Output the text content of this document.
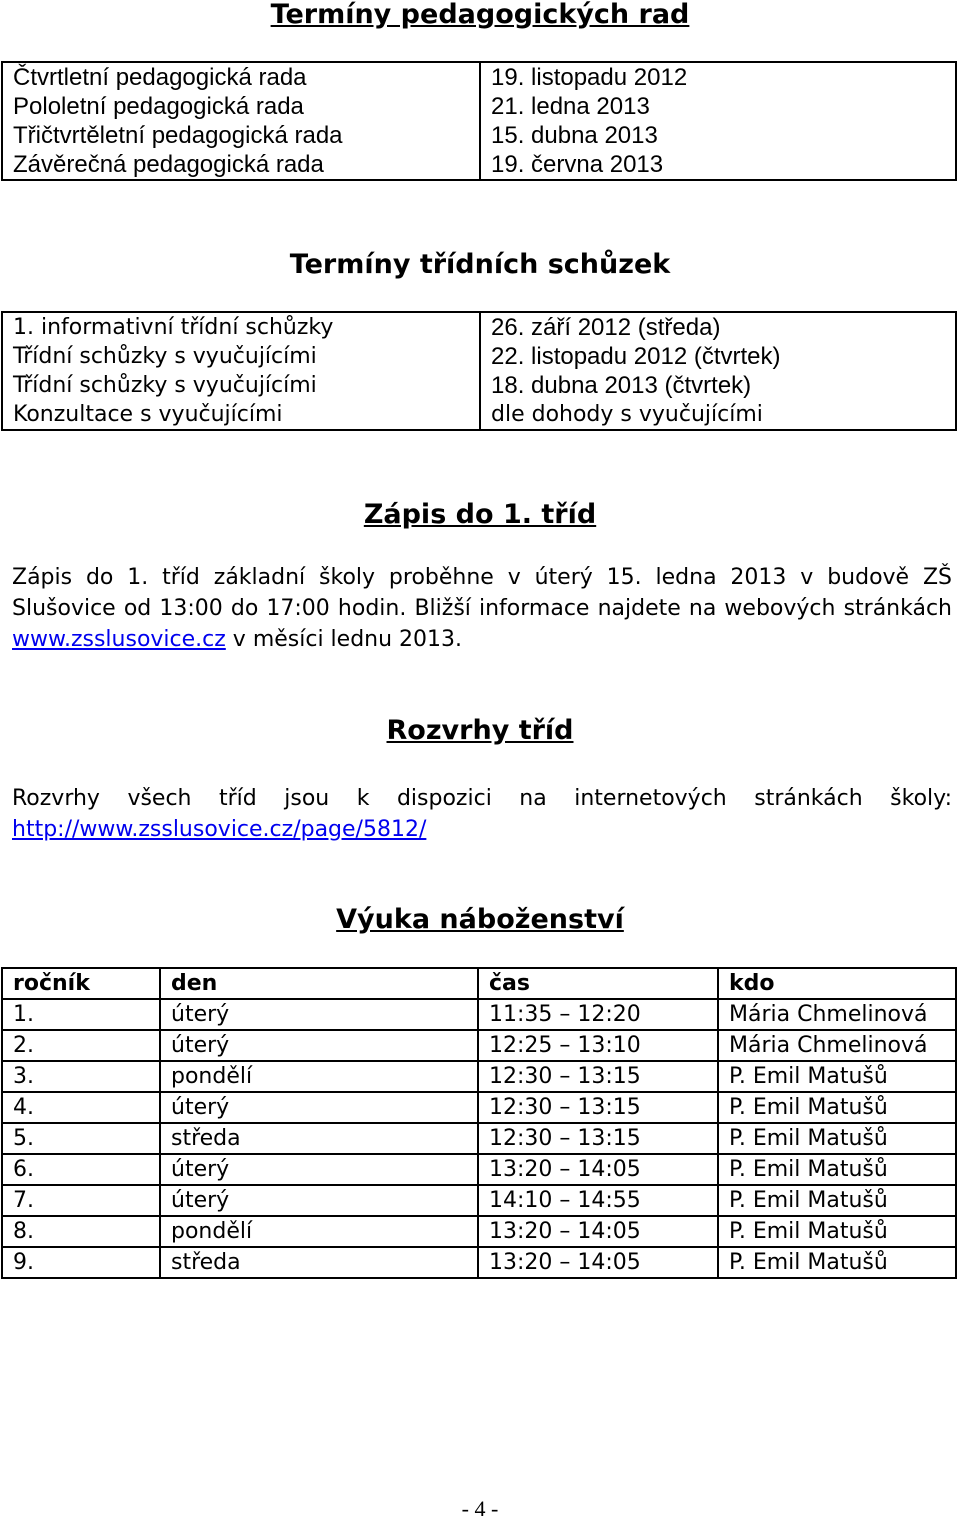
Termíny pedagogických rad
Čtvrtletní pedagogická rada	19. listopadu 2012
Pololetní pedagogická rada	21. ledna 2013
Třičtvrtěletní pedagogická rada	15. dubna 2013
Závěrečná pedagogická rada	19. června 2013
Termíny třídních schůzek
1. informativní třídní schůzky	26. září 2012 (středa)
Třídní schůzky s vyučujícími	22. listopadu 2012 (čtvrtek)
Třídní schůzky s vyučujícími	18. dubna 2013 (čtvrtek)
Konzultace s vyučujícími	dle dohody s vyučujícími
Zápis do 1. tříd
Zápis do 1. tříd základní školy proběhne v úterý 15. ledna 2013 v budově ZŠ
Slušovice od 13:00 do 17:00 hodin. Bližší informace najdete na webových stránkách
www.zsslusovice.cz v měsíci lednu 2013.
Rozvrhy tříd
Rozvrhy všech tříd jsou k dispozici na internetových stránkách školy:
http://www.zsslusovice.cz/page/5812/
Výuka náboženství
ročník	den	čas	kdo
1.	úterý	11:35 – 12:20	Mária Chmelinová
2.	úterý	12:25 – 13:10	Mária Chmelinová
3.	pondělí	12:30 – 13:15	P. Emil Matušů
4.	úterý	12:30 – 13:15	P. Emil Matušů
5.	středa	12:30 – 13:15	P. Emil Matušů
6.	úterý	13:20 – 14:05	P. Emil Matušů
7.	úterý	14:10 – 14:55	P. Emil Matušů
8.	pondělí	13:20 – 14:05	P. Emil Matušů
9.	středa	13:20 – 14:05	P. Emil Matušů
- 4 -
